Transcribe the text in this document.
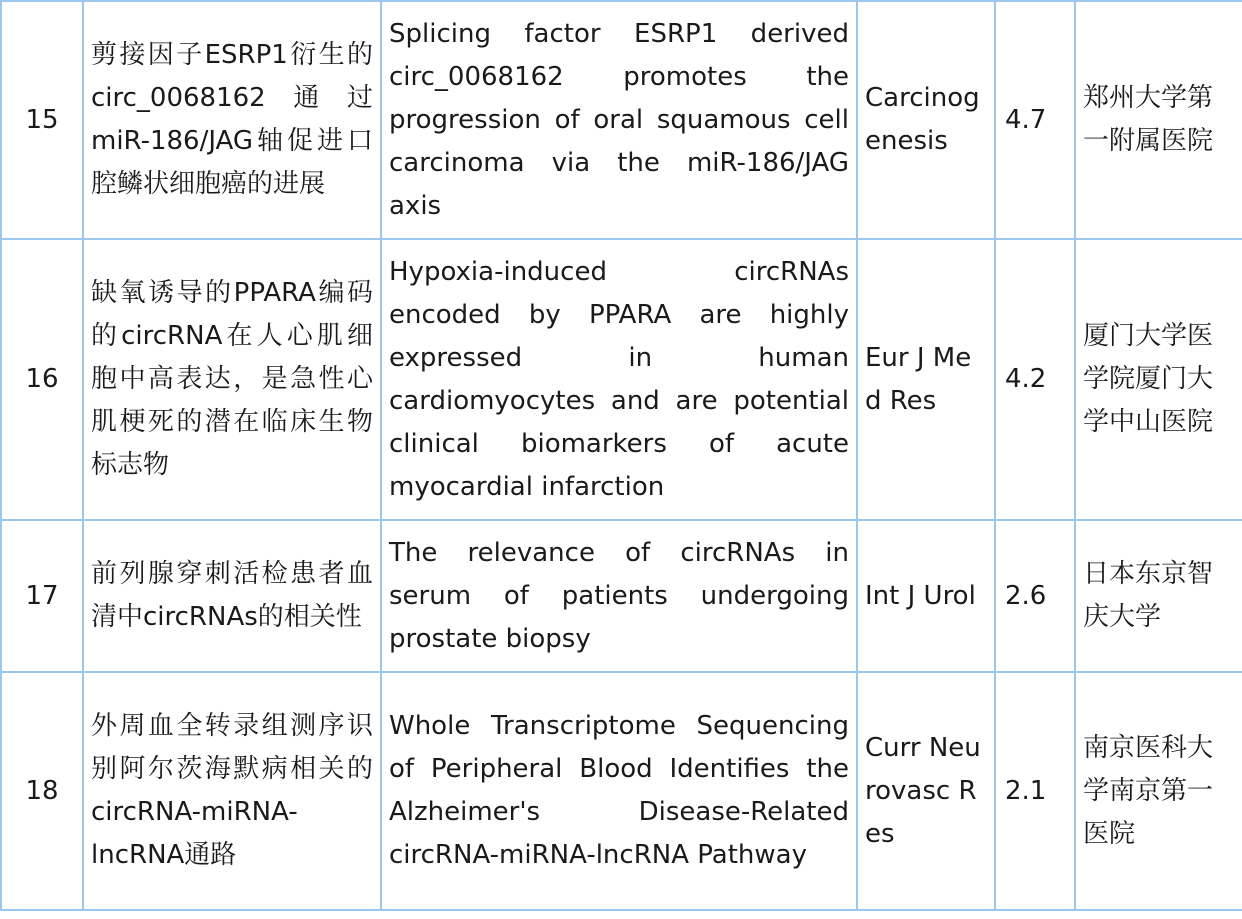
15	剪接因子ESRP1衍生的circ_0068162通过miR-186/JAG轴促进口腔鳞状细胞癌的进展	Splicing factor ESRP1 derived circ_0068162 promotes the progression of oral squamous cell carcinoma via the miR-186/JAG axis	Carcinogenesis	4.7	郑州大学第一附属医院
16	缺氧诱导的PPARA编码的circRNA在人心肌细胞中高表达，是急性心肌梗死的潜在临床生物标志物	Hypoxia-induced circRNAs encoded by PPARA are highly expressed in human cardiomyocytes and are potential clinical biomarkers of acute myocardial infarction	Eur J Med Res	4.2	厦门大学医学院厦门大学中山医院
17	前列腺穿刺活检患者血清中circRNAs的相关性	The relevance of circRNAs in serum of patients undergoing prostate biopsy	Int J Urol	2.6	日本东京智庆大学
18	外周血全转录组测序识别阿尔茨海默病相关的circRNA-miRNA-lncRNA通路	Whole Transcriptome Sequencing of Peripheral Blood Identifies the Alzheimer's Disease-Related circRNA-miRNA-lncRNA Pathway	Curr Neurovasc Res	2.1	南京医科大学南京第一医院
